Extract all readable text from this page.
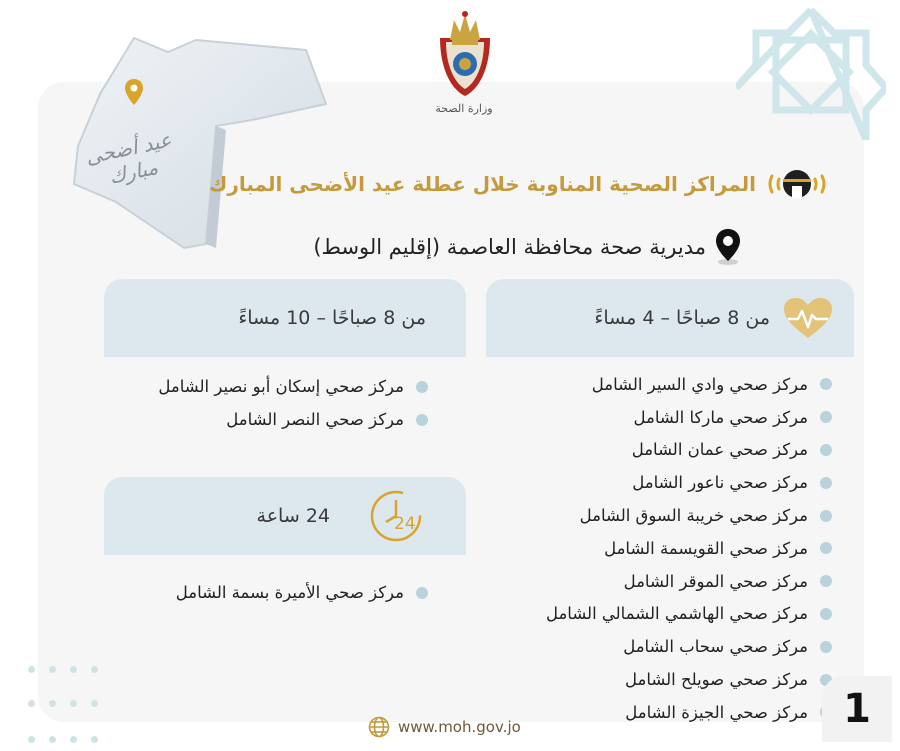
عيد أضحى مبارك
وزارة الصحة
المراكز الصحية المناوبة خلال عطلة عيد الأضحى المبارك
مديرية صحة محافظة العاصمة (إقليم الوسط)
من 8 صباحًا – 4 مساءً
مركز صحي وادي السير الشامل
مركز صحي ماركا الشامل
مركز صحي عمان الشامل
مركز صحي ناعور الشامل
مركز صحي خريبة السوق الشامل
مركز صحي القويسمة الشامل
مركز صحي الموقر الشامل
مركز صحي الهاشمي الشمالي الشامل
مركز صحي سحاب الشامل
مركز صحي صويلح الشامل
مركز صحي الجيزة الشامل
من 8 صباحًا – 10 مساءً
مركز صحي إسكان أبو نصير الشامل
مركز صحي النصر الشامل
24
24 ساعة
مركز صحي الأميرة بسمة الشامل
www.moh.gov.jo	1
